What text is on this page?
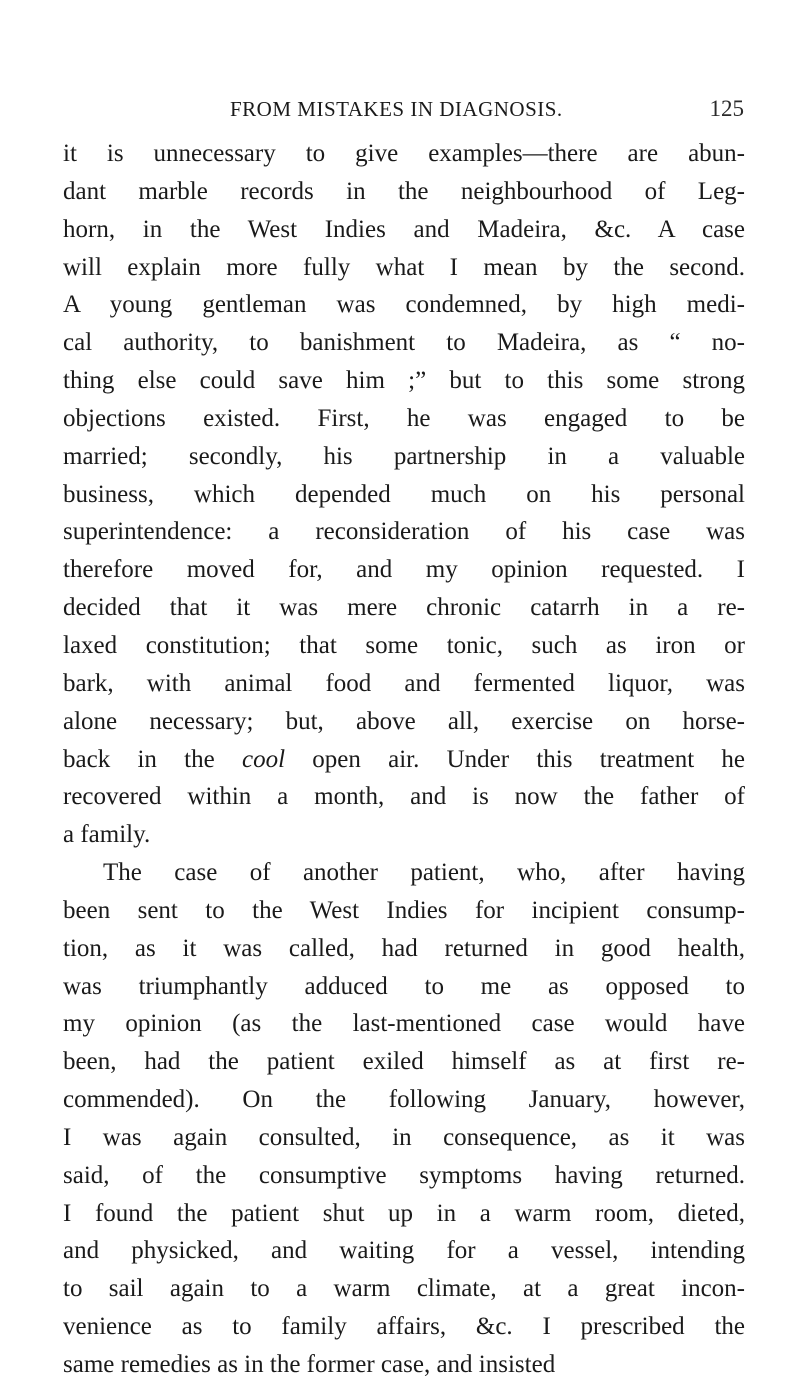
FROM MISTAKES IN DIAGNOSIS.	125
it is unnecessary to give examples—there are abun-
dant marble records in the neighbourhood of Leg-
horn, in the West Indies and Madeira, &c. A case
will explain more fully what I mean by the second.
A young gentleman was condemned, by high medi-
cal authority, to banishment to Madeira, as “ no-
thing else could save him ;” but to this some strong
objections existed. First, he was engaged to be
married; secondly, his partnership in a valuable
business, which depended much on his personal
superintendence: a reconsideration of his case was
therefore moved for, and my opinion requested. I
decided that it was mere chronic catarrh in a re-
laxed constitution; that some tonic, such as iron or
bark, with animal food and fermented liquor, was
alone necessary; but, above all, exercise on horse-
back in the cool open air. Under this treatment he
recovered within a month, and is now the father of
a family.
The case of another patient, who, after having
been sent to the West Indies for incipient consump-
tion, as it was called, had returned in good health,
was triumphantly adduced to me as opposed to
my opinion (as the last-mentioned case would have
been, had the patient exiled himself as at first re-
commended). On the following January, however,
I was again consulted, in consequence, as it was
said, of the consumptive symptoms having returned.
I found the patient shut up in a warm room, dieted,
and physicked, and waiting for a vessel, intending
to sail again to a warm climate, at a great incon-
venience as to family affairs, &c. I prescribed the
same remedies as in the former case, and insisted
